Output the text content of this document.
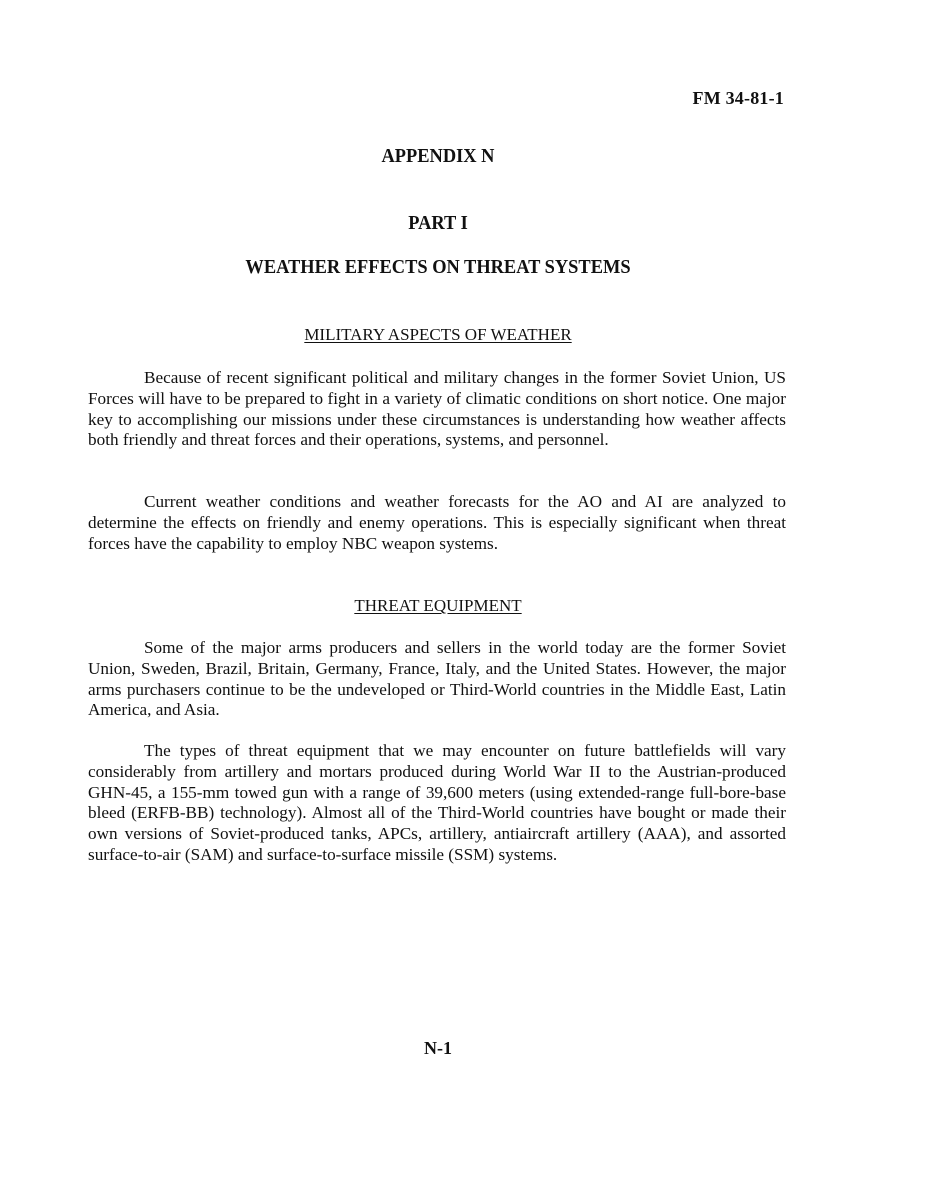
FM 34-81-1
APPENDIX N
PART I
WEATHER EFFECTS ON THREAT SYSTEMS
MILITARY ASPECTS OF WEATHER

Because of recent significant political and military changes in the former Soviet Union, US Forces will have to be prepared to fight in a variety of climatic conditions on short notice. One major key to accomplishing our missions under these circumstances is understanding how weather affects both friendly and threat forces and their operations, systems, and personnel.

Current weather conditions and weather forecasts for the AO and AI are analyzed to determine the effects on friendly and enemy operations. This is especially significant when threat forces have the capability to employ NBC weapon systems.

THREAT EQUIPMENT

Some of the major arms producers and sellers in the world today are the former Soviet Union, Sweden, Brazil, Britain, Germany, France, Italy, and the United States. However, the major arms purchasers continue to be the undeveloped or Third-World countries in the Middle East, Latin America, and Asia.

The types of threat equipment that we may encounter on future battlefields will vary considerably from artillery and mortars produced during World War II to the Austrian-produced GHN-45, a 155-mm towed gun with a range of 39,600 meters (using extended-range full-bore-base bleed (ERFB-BB) technology). Almost all of the Third-World countries have bought or made their own versions of Soviet-produced tanks, APCs, artillery, antiaircraft artillery (AAA), and assorted surface-to-air (SAM) and surface-to-surface missile (SSM) systems.

N-1
